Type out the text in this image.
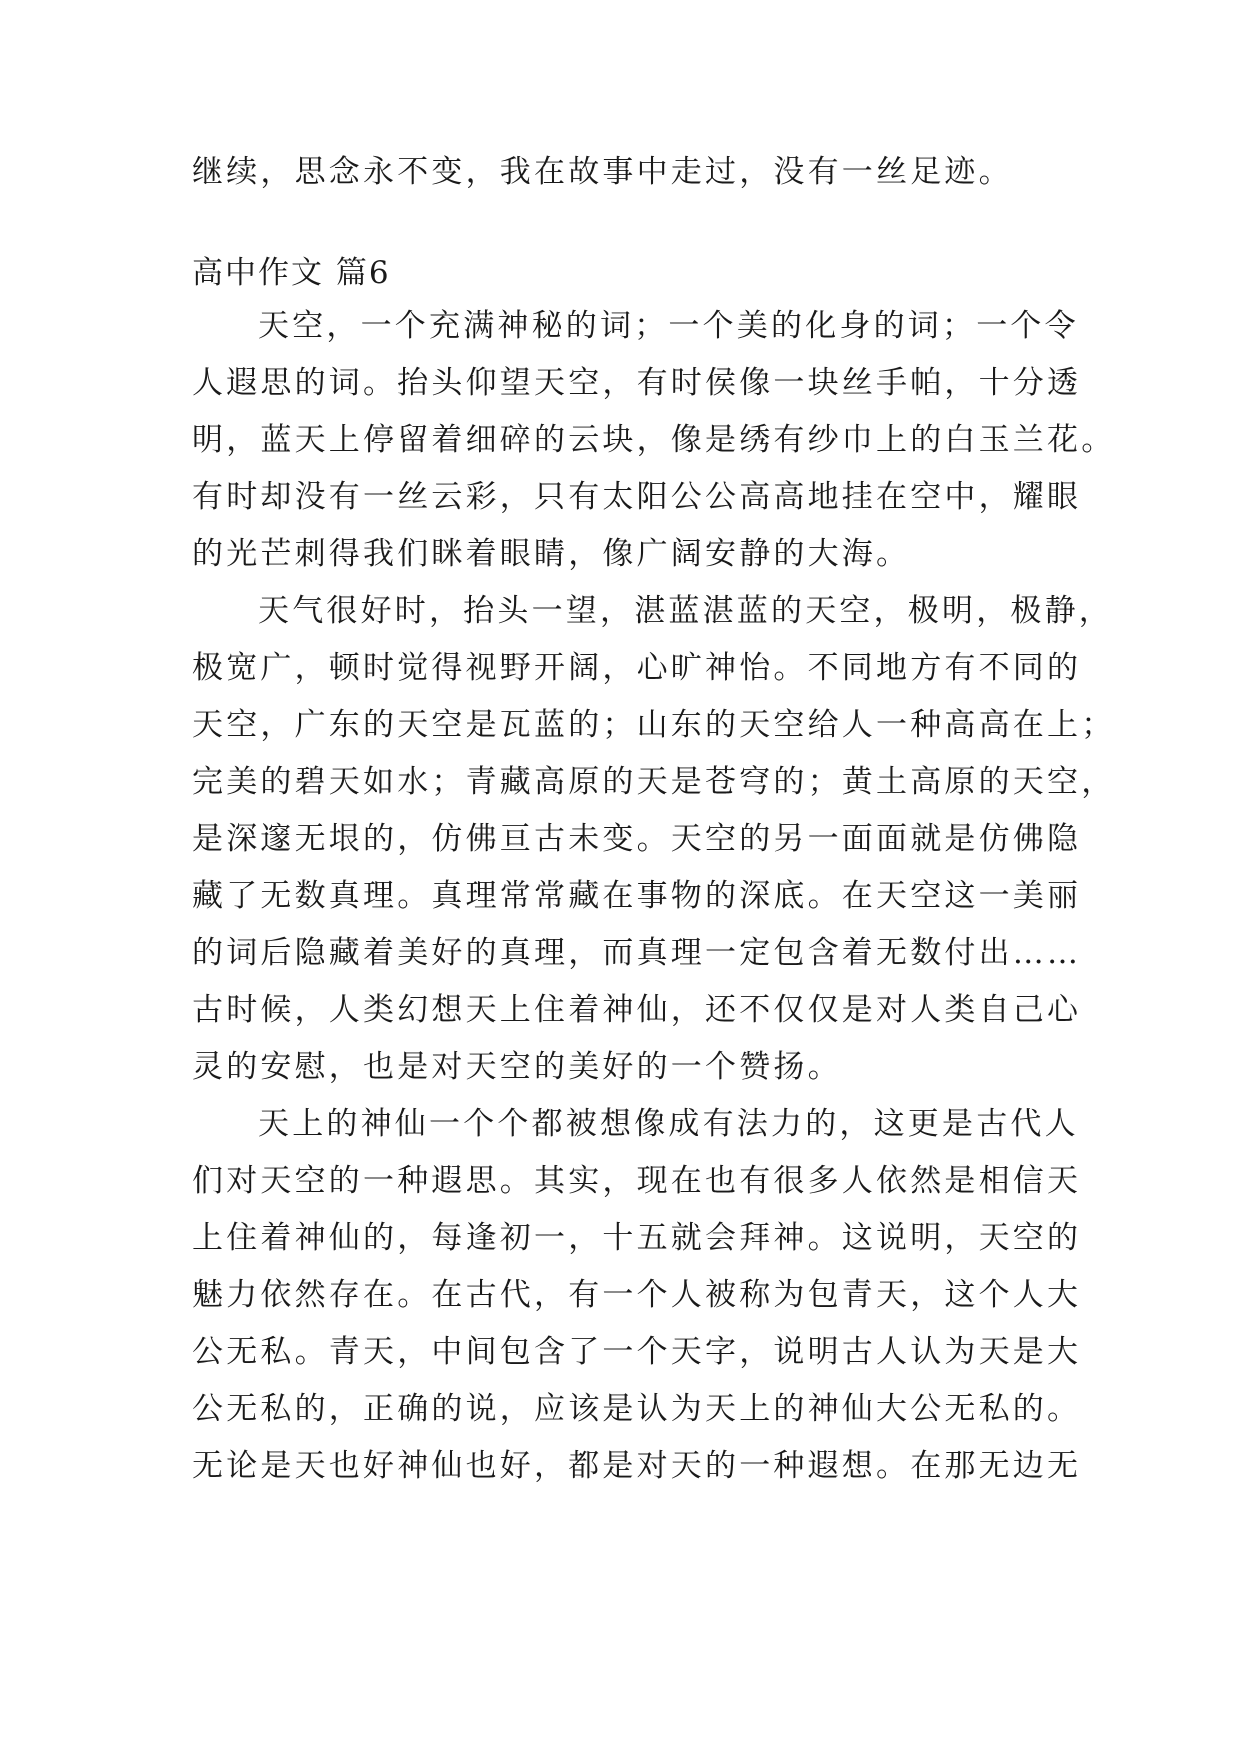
继续，思念永不变，我在故事中走过，没有一丝足迹。
高中作文 篇6
天空，一个充满神秘的词；一个美的化身的词；一个令
人遐思的词。抬头仰望天空，有时侯像一块丝手帕，十分透
明，蓝天上停留着细碎的云块，像是绣有纱巾上的白玉兰花。
有时却没有一丝云彩，只有太阳公公高高地挂在空中，耀眼
的光芒刺得我们眯着眼睛，像广阔安静的大海。
天气很好时，抬头一望，湛蓝湛蓝的天空，极明，极静，
极宽广，顿时觉得视野开阔，心旷神怡。不同地方有不同的
天空，广东的天空是瓦蓝的；山东的天空给人一种高高在上；
完美的碧天如水；青藏高原的天是苍穹的；黄土高原的天空，
是深邃无垠的，仿佛亘古未变。天空的另一面面就是仿佛隐
藏了无数真理。真理常常藏在事物的深底。在天空这一美丽
的词后隐藏着美好的真理，而真理一定包含着无数付出……
古时候，人类幻想天上住着神仙，还不仅仅是对人类自己心
灵的安慰，也是对天空的美好的一个赞扬。
天上的神仙一个个都被想像成有法力的，这更是古代人
们对天空的一种遐思。其实，现在也有很多人依然是相信天
上住着神仙的，每逢初一，十五就会拜神。这说明，天空的
魅力依然存在。在古代，有一个人被称为包青天，这个人大
公无私。青天，中间包含了一个天字，说明古人认为天是大
公无私的，正确的说，应该是认为天上的神仙大公无私的。
无论是天也好神仙也好，都是对天的一种遐想。在那无边无
